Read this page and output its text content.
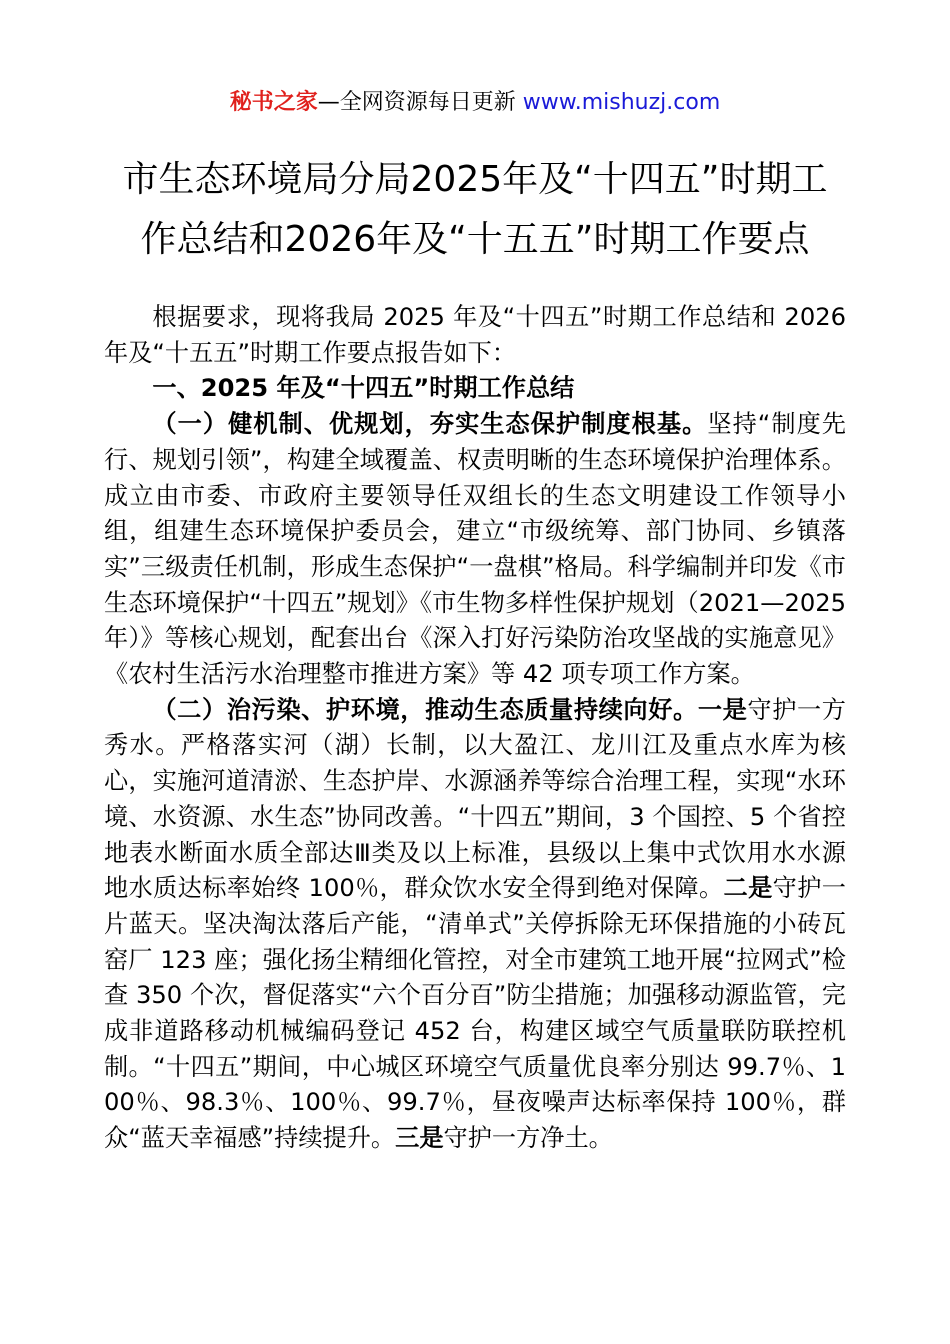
秘书之家—全网资源每日更新 www.mishuzj.com
市生态环境局分局2025年及“十四五”时期工
作总结和2026年及“十五五”时期工作要点

根据要求，现将我局 2025 年及“十四五”时期工作总结和 2026 年及“十五五”时期工作要点报告如下：

一、2025 年及“十四五”时期工作总结

（一）健机制、优规划，夯实生态保护制度根基。坚持“制度先行、规划引领”，构建全域覆盖、权责明晰的生态环境保护治理体系。成立由市委、市政府主要领导任双组长的生态文明建设工作领导小组，组建生态环境保护委员会，建立“市级统筹、部门协同、乡镇落实”三级责任机制，形成生态保护“一盘棋”格局。科学编制并印发《市生态环境保护“十四五”规划》《市生物多样性保护规划（2021—2025 年）》等核心规划，配套出台《深入打好污染防治攻坚战的实施意见》《农村生活污水治理整市推进方案》等 42 项专项工作方案。

（二）治污染、护环境，推动生态质量持续向好。一是守护一方秀水。严格落实河（湖）长制，以大盈江、龙川江及重点水库为核心，实施河道清淤、生态护岸、水源涵养等综合治理工程，实现“水环境、水资源、水生态”协同改善。“十四五”期间，3 个国控、5 个省控地表水断面水质全部达Ⅲ类及以上标准，县级以上集中式饮用水水源地水质达标率始终 100％，群众饮水安全得到绝对保障。二是守护一片蓝天。坚决淘汰落后产能，“清单式”关停拆除无环保措施的小砖瓦窑厂 123 座；强化扬尘精细化管控，对全市建筑工地开展“拉网式”检查 350 个次，督促落实“六个百分百”防尘措施；加强移动源监管，完成非道路移动机械编码登记 452 台，构建区域空气质量联防联控机制。“十四五”期间，中心城区环境空气质量优良率分别达 99.7％、100％、98.3％、100％、99.7％，昼夜噪声达标率保持 100％，群众“蓝天幸福感”持续提升。三是守护一方净土。
